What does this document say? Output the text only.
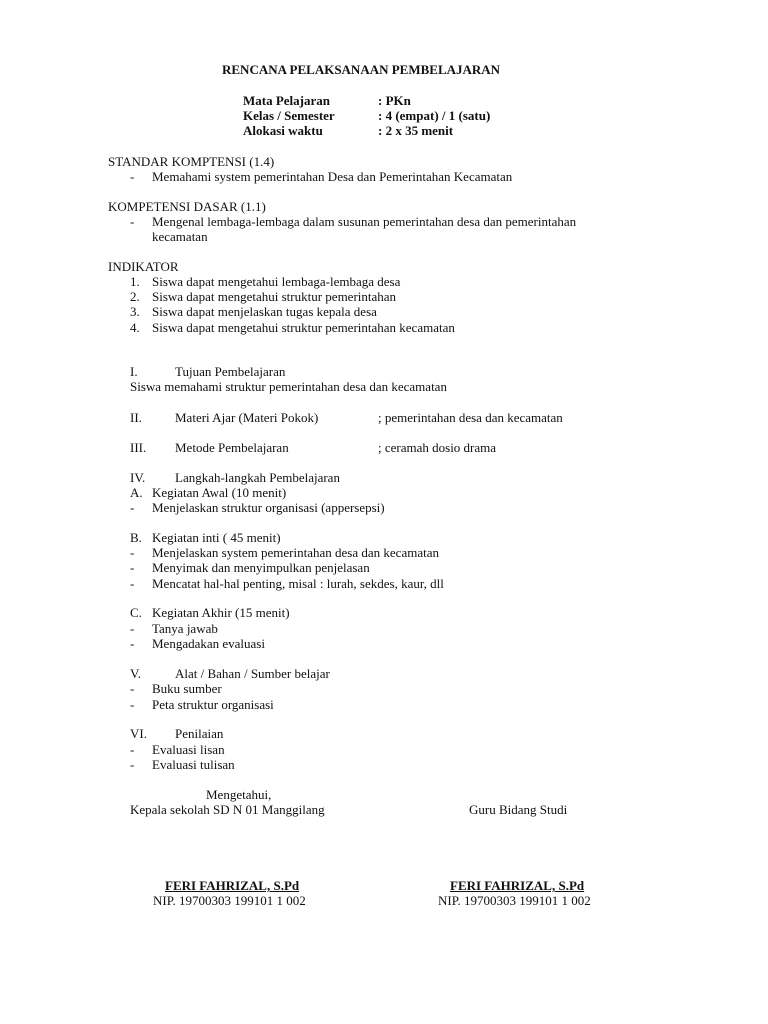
RENCANA PELAKSANAAN PEMBELAJARAN
Mata Pelajaran	: PKn
Kelas / Semester	: 4 (empat) / 1 (satu)
Alokasi waktu	: 2 x 35 menit
STANDAR KOMPTENSI (1.4)
- Memahami system pemerintahan Desa dan Pemerintahan Kecamatan
KOMPETENSI DASAR (1.1)
- Mengenal lembaga-lembaga dalam susunan pemerintahan desa dan pemerintahan
kecamatan
INDIKATOR
1. Siswa dapat mengetahui lembaga-lembaga desa
2. Siswa dapat mengetahui struktur pemerintahan
3. Siswa dapat menjelaskan tugas kepala desa
4. Siswa dapat mengetahui struktur pemerintahan kecamatan
I.	Tujuan Pembelajaran
Siswa memahami struktur pemerintahan desa dan kecamatan
II.	Materi Ajar (Materi Pokok)	; pemerintahan desa dan kecamatan
III. Metode Pembelajaran	; ceramah dosio drama
IV. Langkah-langkah Pembelajaran
A. Kegiatan Awal (10 menit)
- Menjelaskan struktur organisasi (appersepsi)
B. Kegiatan inti ( 45 menit)
- Menjelaskan system pemerintahan desa dan kecamatan
- Menyimak dan menyimpulkan penjelasan
- Mencatat hal-hal penting, misal : lurah, sekdes, kaur, dll
C. Kegiatan Akhir (15 menit)
- Tanya jawab
- Mengadakan evaluasi
V.	Alat / Bahan / Sumber belajar
- Buku sumber
- Peta struktur organisasi
VI. Penilaian
- Evaluasi lisan
- Evaluasi tulisan
Mengetahui,
Kepala sekolah SD N 01 Manggilang	Guru Bidang Studi
FERI FAHRIZAL, S.Pd
NIP. 19700303 199101 1 002
FERI FAHRIZAL, S.Pd
NIP. 19700303 199101 1 002
